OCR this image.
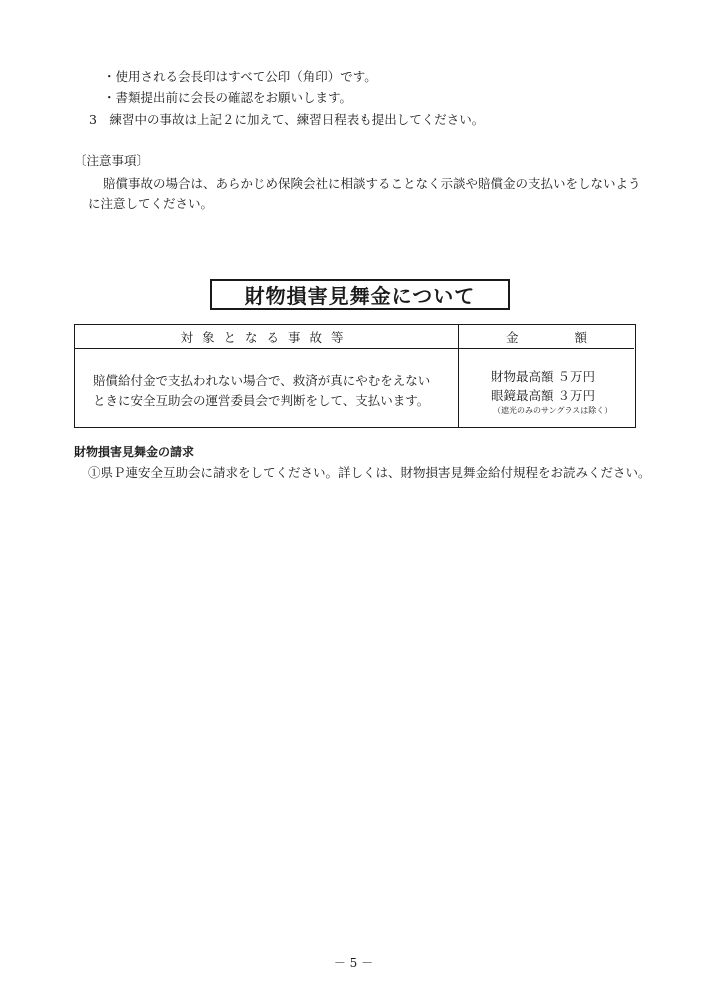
・使用される会長印はすべて公印（角印）です。
・書類提出前に会長の確認をお願いします。
3　練習中の事故は上記２に加えて、練習日程表も提出してください。
〔注意事項〕
賠償事故の場合は、あらかじめ保険会社に相談することなく示談や賠償金の支払いをしないよう
に注意してください。
財物損害見舞金について
対象となる事故等	金	額
賠償給付金で支払われない場合で、救済が真にやむをえない
ときに安全互助会の運営委員会で判断をして、支払います。
財物最高額 ５万円
眼鏡最高額 ３万円
（遮光のみのサングラスは除く）
財物損害見舞金の請求
①県Ｐ連安全互助会に請求をしてください。詳しくは、財物損害見舞金給付規程をお読みください。
－ 5 －
